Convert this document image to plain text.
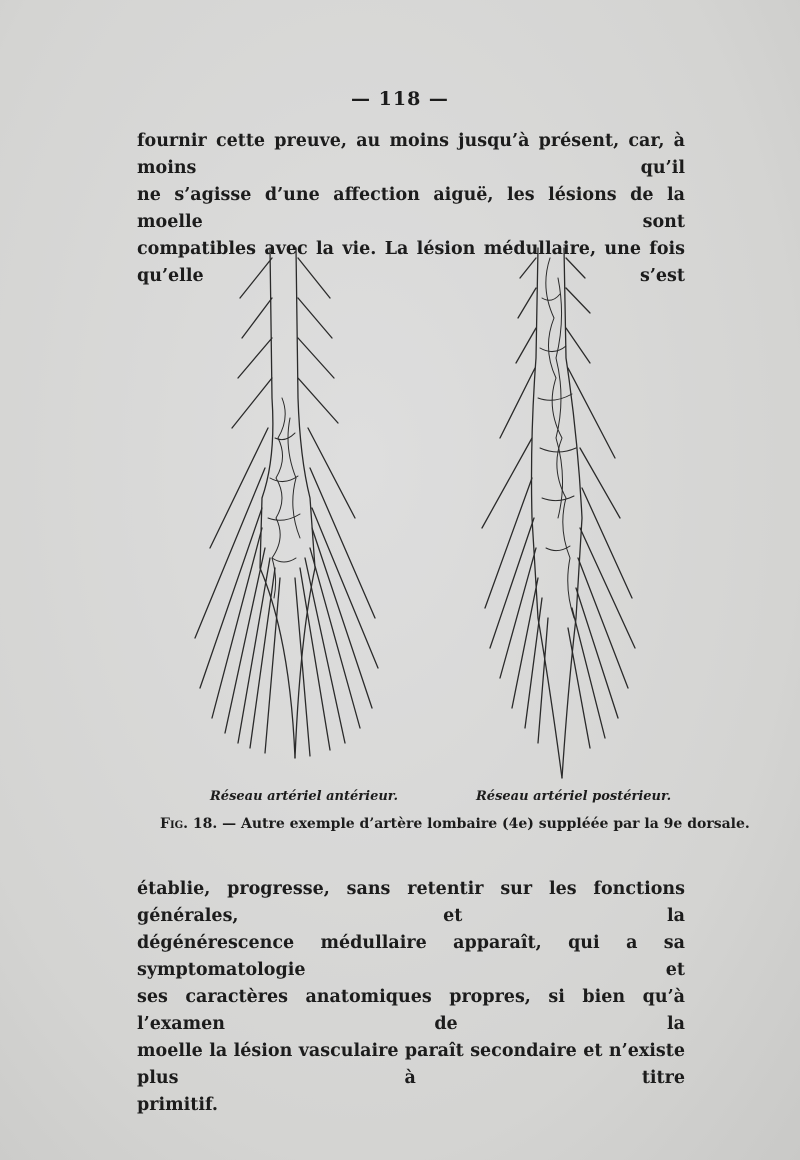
— 118 —

fournir cette preuve, au moins jusqu’à présent, car, à moins qu’il
ne s’agisse d’une affection aiguë, les lésions de la moelle sont
compatibles avec la vie. La lésion médullaire, une fois qu’elle s’est

Réseau artériel antérieur.	Réseau artériel postérieur.
Fig. 18. — Autre exemple d’artère lombaire (4e) suppléée par la 9e dorsale.

établie, progresse, sans retentir sur les fonctions générales, et la
dégénérescence médullaire apparaît, qui a sa symptomatologie et
ses caractères anatomiques propres, si bien qu’à l’examen de la
moelle la lésion vasculaire paraît secondaire et n’existe plus à titre

primitif.
